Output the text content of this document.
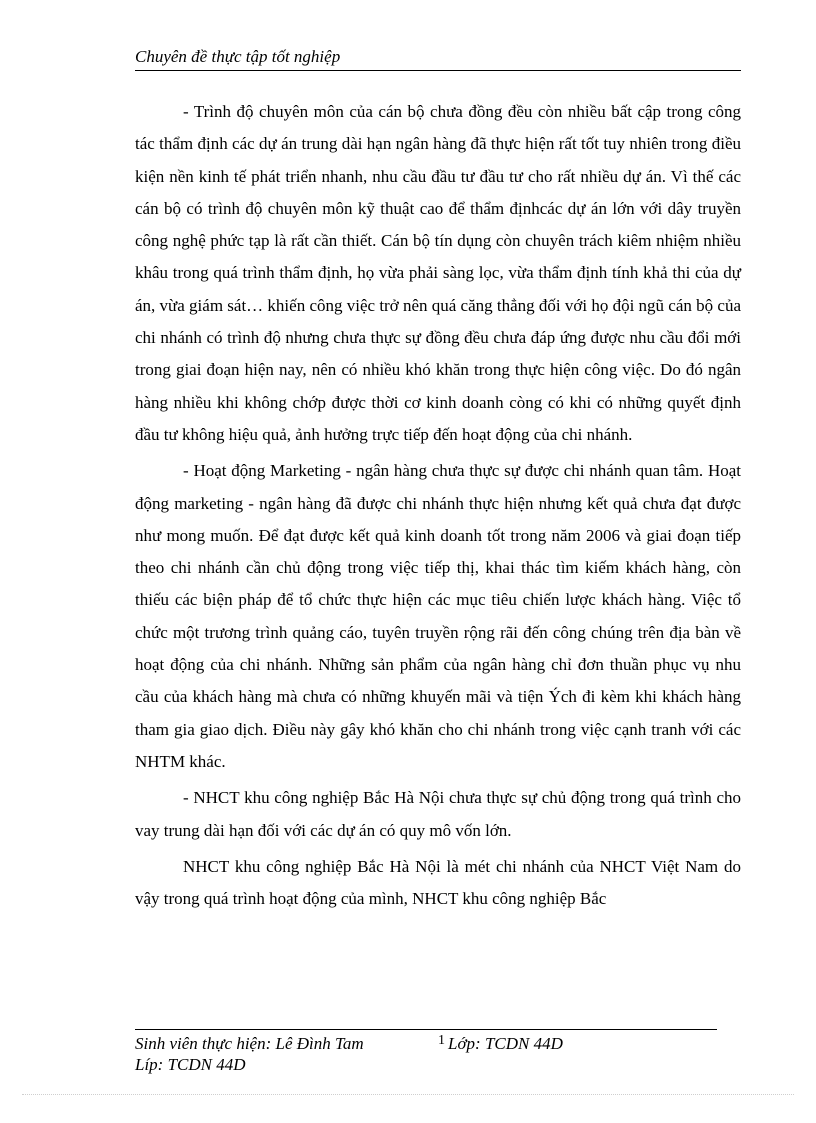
Chuyên đề thực tập tốt nghiệp

- Trình độ chuyên môn của cán bộ chưa đồng đều còn nhiều bất cập trong công tác thẩm định các dự án trung dài hạn ngân hàng đã thực hiện rất tốt tuy nhiên trong điều kiện nền kinh tế phát triển nhanh, nhu cầu đầu tư đầu tư cho rất nhiều dự án. Vì thế các cán bộ có trình độ chuyên môn kỹ thuật cao để thẩm địnhcác dự án lớn với dây truyền công nghệ phức tạp là rất cần thiết. Cán bộ tín dụng còn chuyên trách kiêm nhiệm nhiều khâu trong quá trình thẩm định, họ vừa phải sàng lọc, vừa thẩm định tính khả thi của dự án, vừa giám sát… khiến công việc trở nên quá căng thẳng đối với họ đội ngũ cán bộ của chi nhánh có trình độ nhưng chưa thực sự đồng đều chưa đáp ứng được nhu cầu đổi mới trong giai đoạn hiện nay, nên có nhiều khó khăn trong thực hiện công việc. Do đó ngân hàng nhiều khi không chớp được thời cơ kinh doanh còng có khi có những quyết định đầu tư không hiệu quả, ảnh hưởng trực tiếp đến hoạt động của chi nhánh.

- Hoạt động Marketing - ngân hàng chưa thực sự được chi nhánh quan tâm. Hoạt động marketing - ngân hàng đã được chi nhánh thực hiện nhưng kết quả chưa đạt được như mong muốn. Để đạt được kết quả kinh doanh tốt trong năm 2006 và giai đoạn tiếp theo chi nhánh cần chủ động trong việc tiếp thị, khai thác tìm kiếm khách hàng, còn thiếu các biện pháp để tổ chức thực hiện các mục tiêu chiến lược khách hàng. Việc tổ chức một trương trình quảng cáo, tuyên truyền rộng rãi đến công chúng trên địa bàn về hoạt động của chi nhánh. Những sản phẩm của ngân hàng chỉ đơn thuần phục vụ nhu cầu của khách hàng mà chưa có những khuyến mãi và tiện Ých đi kèm khi khách hàng tham gia giao dịch. Điều này gây khó khăn cho chi nhánh trong việc cạnh tranh với các NHTM khác.

- NHCT khu công nghiệp Bắc Hà Nội chưa thực sự chủ động trong quá trình cho vay trung dài hạn đối với các dự án có quy mô vốn lớn.

NHCT khu công nghiệp Bắc Hà Nội là mét chi nhánh của NHCT Việt Nam do vậy trong quá trình hoạt động của mình, NHCT khu công nghiệp Bắc

Sinh viên thực hiện: Lê Đình Tam	1 Lớp: TCDN 44D
Líp: TCDN 44D
